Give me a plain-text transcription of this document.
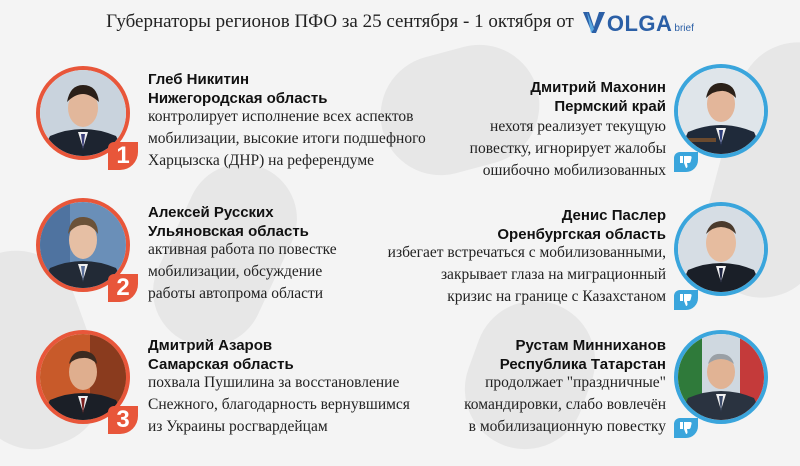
Губернаторы регионов ПФО за 25 сентября - 1 октября от OLGA brief
1
Глеб Никитин
Нижегородская область
контролирует исполнение всех аспектов
мобилизации, высокие итоги подшефного
Харцызска (ДНР) на референдуме
2
Алексей Русских
Ульяновская область
активная работа по повестке
мобилизации, обсуждение
работы автопрома области
3
Дмитрий Азаров
Самарская область
похвала Пушилина за восстановление
Снежного, благодарность вернувшимся
из Украины росгвардейцам
Дмитрий Махонин
Пермский край
нехотя реализует текущую
повестку, игнорирует жалобы
ошибочно мобилизованных
Денис Паслер
Оренбургская область
избегает встречаться с мобилизованными,
закрывает глаза на миграционный
кризис на границе с Казахстаном
Рустам Минниханов
Республика Татарстан
продолжает "праздничные"
командировки, слабо вовлечён
в мобилизационную повестку
